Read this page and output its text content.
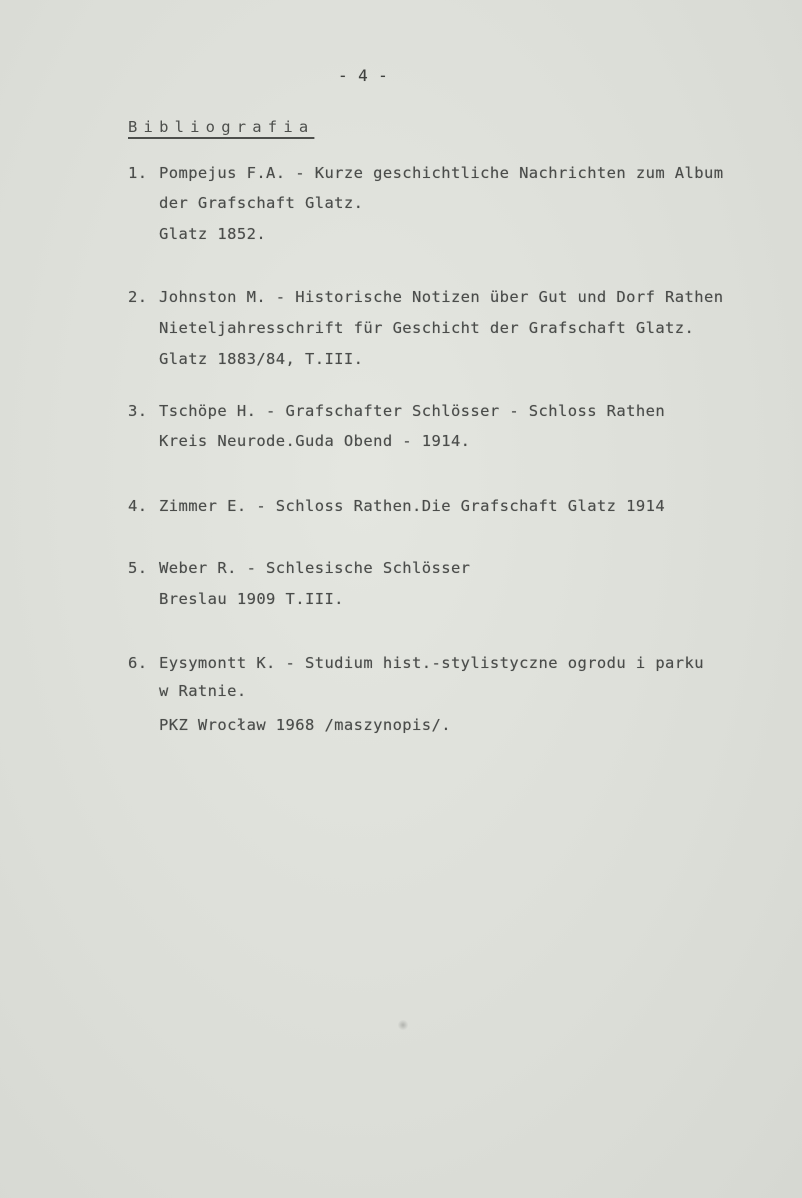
- 4 -
Bibliografia
1. Pompejus F.A. - Kurze geschichtliche Nachrichten zum Album
der Grafschaft Glatz.
Glatz 1852.
2. Johnston M. - Historische Notizen über Gut und Dorf Rathen
Nieteljahresschrift für Geschicht der Grafschaft Glatz.
Glatz 1883/84, T.III.
3. Tschöpe H. - Grafschafter Schlösser - Schloss Rathen
Kreis Neurode.Guda Obend - 1914.
4. Zimmer E. - Schloss Rathen.Die Grafschaft Glatz 1914
5. Weber R. - Schlesische Schlösser
Breslau 1909 T.III.
6. Eysymontt K. - Studium hist.-stylistyczne ogrodu i parku
w Ratnie.
PKZ Wrocław 1968 /maszynopis/.
